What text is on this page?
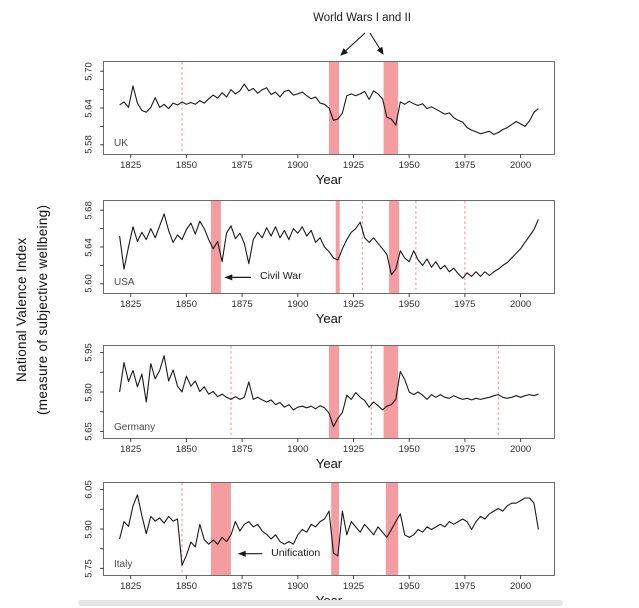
National Valence Index (measure of subjective wellbeing)
World Wars I and II
UK
Year
1825	1850	1875	1900	1925	1950	1975	2000
5.58
5.64
5.70
USA
Civil War
Year
1825	1850	1875	1900	1925	1950	1975	2000
5.60
5.64
5.68
Germany
Year
1825	1850	1875	1900	1925	1950	1975	2000
5.65
5.80
5.95
Italy
Unification
1825	1850	1875	1900	1925	1950	1975	2000
5.75
5.90
6.05
